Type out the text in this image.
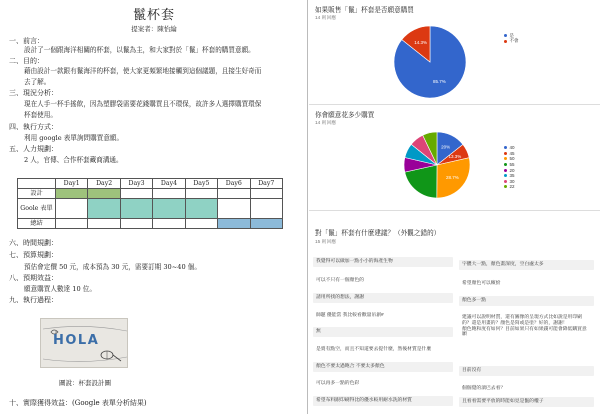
鬣杯套
提案者：陳怡綸
一、前言：
設計了一個跟海洋相關的杯套，以鬣為主，和大家對於「鬣」杯套的購買意願。
二、目的：
藉由設計一款跟有鬣海洋的杯套，使大家更頻繁地接觸到這個議題，且接生好奇而
去了解。
三、現況分析：
現在人手一杯手搖飲，因為塑膠袋需要花錢購買且不環保，故許多人選擇購買環保
杯套使用。
四、執行方式：
利用 google 表單詢問購買意願。
五、人力規劃：
2 人，官傳、合作杯套藏商溝通。
	Day1	Day2	Day3	Day4	Day5	Day6	Day7
設計							
Goole 表單							
總結							
六、時間規劃：
七、預算規劃：
預估會定價 50 元，成本預為 30 元，需要訂期 30~40 個。
八、預期效益：
願意購買人數達 10 位。
九、執行過程：
HOLA
圖說：杯套設計圖
十、實際獲得效益：(Google 表單分析結果)
如果販售「鬣」杯套是否願意購買
14 則回應
85.7%
14.3%
是
不會
你會願意花多少購買
14 則回應
20%
13.3%
28.7%
40
45
50
55
20
35
30
22
對「鬣」杯套有什麼建議？（外觀之錯的）
15 則回應
我覺得可以做加一點小小的海產生物
可以不只有一個顏色的
請用所找的想法，謝謝
師題 優能當 我比較看歡量吊創#
無
是賣有點空，而且不知道要去提什麼，然後材質是什麼
顏色不要太過飽合 不要太多顏色
可以再多一點的色彩
希望布料跟印刷得比的優水較用耐水洗的材質
字體大一點，顏色畫深度，空白處太多
希望顏色可以繽紛
顏色多一點
建議可以說明材質，還有圖像的呈現方式比如說是用印刷的？還是用畫的？顏色是寫或是塗？好的，謝謝！
顏色飽和度有如何？目前如果只有如果錢可能會降低購買意願
目前沒有
個個覺的湍巴去看？
且看看需要平放的時能如見是鬣的權子
